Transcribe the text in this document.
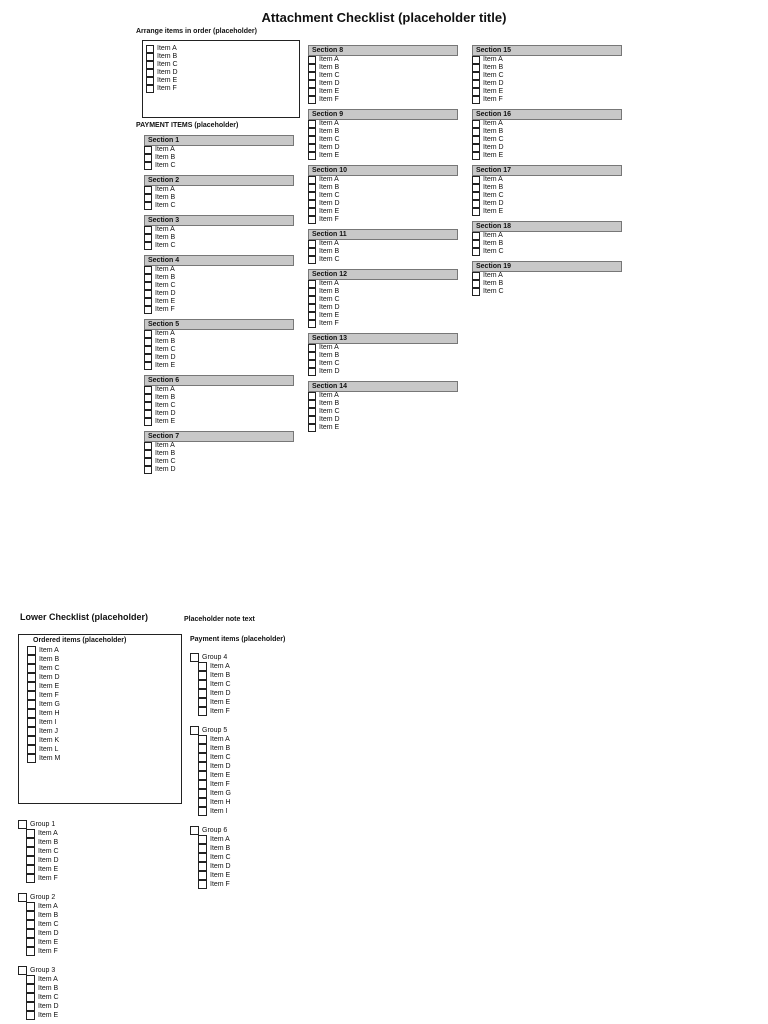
Attachment Checklist (placeholder title)
Arrange items in order (placeholder)
Item A
Item B
Item C
Item D
Item E
Item F
PAYMENT ITEMS (placeholder)
Section 1
Item A
Item B
Item C
Section 2
Item A
Item B
Item C
Section 3
Item A
Item B
Item C
Section 4
Item A
Item B
Item C
Item D
Item E
Item F
Section 5
Item A
Item B
Item C
Item D
Item E
Section 6
Item A
Item B
Item C
Item D
Item E
Section 7
Item A
Item B
Item C
Item D
Section 8
Item A
Item B
Item C
Item D
Item E
Item F
Section 9
Item A
Item B
Item C
Item D
Item E
Section 10
Item A
Item B
Item C
Item D
Item E
Item F
Section 11
Item A
Item B
Item C
Section 12
Item A
Item B
Item C
Item D
Item E
Item F
Section 13
Item A
Item B
Item C
Item D
Section 14
Item A
Item B
Item C
Item D
Item E
Section 15
Item A
Item B
Item C
Item D
Item E
Item F
Section 16
Item A
Item B
Item C
Item D
Item E
Section 17
Item A
Item B
Item C
Item D
Item E
Section 18
Item A
Item B
Item C
Section 19
Item A
Item B
Item C
Lower Checklist (placeholder)	Placeholder note text
Ordered items (placeholder)
Item A
Item B
Item C
Item D
Item E
Item F
Item G
Item H
Item I
Item J
Item K
Item L
Item M
Group 1
Item A
Item B
Item C
Item D
Item E
Item F
Group 2
Item A
Item B
Item C
Item D
Item E
Item F
Group 3
Item A
Item B
Item C
Item D
Item E
Payment items (placeholder)
Group 4
Item A
Item B
Item C
Item D
Item E
Item F
Group 5
Item A
Item B
Item C
Item D
Item E
Item F
Item G
Item H
Item I
Group 6
Item A
Item B
Item C
Item D
Item E
Item F
